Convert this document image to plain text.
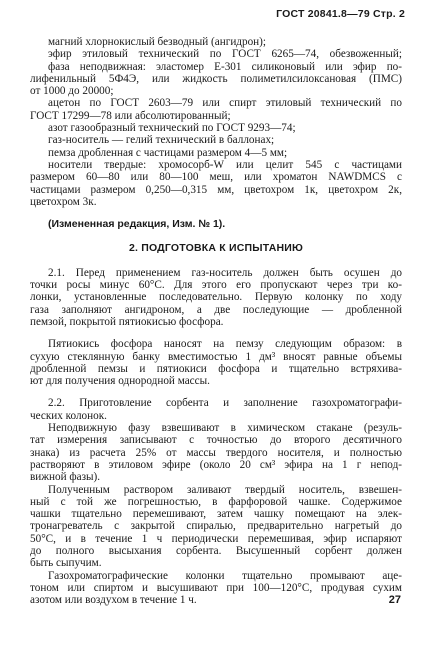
ГОСТ 20841.8—79 Стр. 2
магний хлорнокислый безводный (ангидрон);
эфир этиловый технический по ГОСТ 6265—74, обезвоженный;
фаза неподвижная: эластомер Е-301 силиконовый или эфир по-
лифенильный 5Ф4Э, или жидкость полиметилсилоксановая (ПМС)
от 1000 до 20000;
ацетон по ГОСТ 2603—79 или спирт этиловый технический по
ГОСТ 17299—78 или абсолютированный;
азот газообразный технический по ГОСТ 9293—74;
газ-носитель — гелий технический в баллонах;
пемза дробленная с частицами размером 4—5 мм;
носители твердые: хромосорб-W или целит 545 с частицами
размером 60—80 или 80—100 меш, или хроматон NAWDMCS с
частицами размером 0,250—0,315 мм, цветохром 1к, цветохром 2к,
цветохром 3к.
(Измененная редакция, Изм. № 1).
2. ПОДГОТОВКА К ИСПЫТАНИЮ
2.1. Перед применением газ-носитель должен быть осушен до
точки росы минус 60°C. Для этого его пропускают через три ко-
лонки, установленные последовательно. Первую колонку по ходу
газа заполняют ангидроном, а две последующие — дробленной
пемзой, покрытой пятиокисью фосфора.
Пятиокись фосфора наносят на пемзу следующим образом: в
сухую стеклянную банку вместимостью 1 дм³ вносят равные объемы
дробленной пемзы и пятиокиси фосфора и тщательно встряхива-
ют для получения однородной массы.
2.2. Приготовление сорбента и заполнение газохроматографи-
ческих колонок.
Неподвижную фазу взвешивают в химическом стакане (резуль-
тат измерения записывают с точностью до второго десятичного
знака) из расчета 25% от массы твердого носителя, и полностью
растворяют в этиловом эфире (около 20 см³ эфира на 1 г непод-
вижной фазы).
Полученным раствором заливают твердый носитель, взвешен-
ный с той же погрешностью, в фарфоровой чашке. Содержимое
чашки тщательно перемешивают, затем чашку помещают на элек-
тронагреватель с закрытой спиралью, предварительно нагретый до
50°C, и в течение 1 ч периодически перемешивая, эфир испаряют
до полного высыхания сорбента. Высушенный сорбент должен
быть сыпучим.
Газохроматографические колонки тщательно промывают аце-
тоном или спиртом и высушивают при 100—120°C, продувая сухим
азотом или воздухом в течение 1 ч.	27
